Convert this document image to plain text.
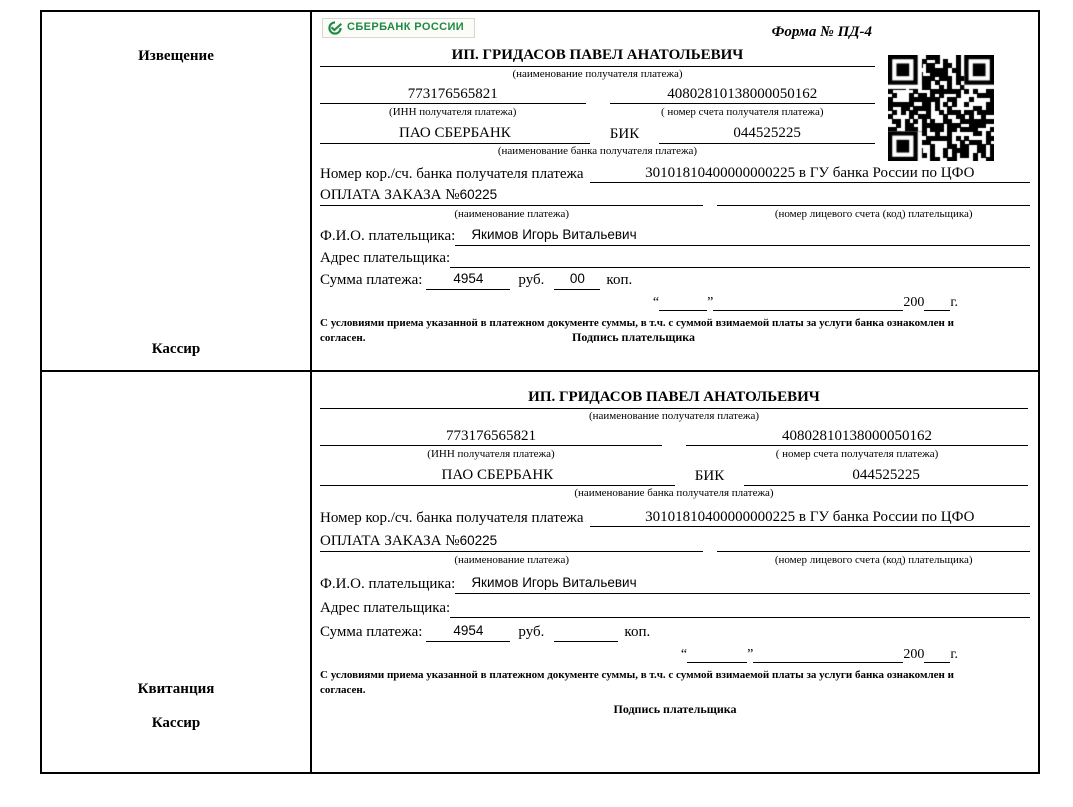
Извещение
Кассир
СБЕРБАНК РОССИИ	Форма № ПД-4
ИП. ГРИДАСОВ ПАВЕЛ АНАТОЛЬЕВИЧ
(наименование получателя платежа)
773176565821	40802810138000050162
(ИНН получателя платежа)	( номер счета получателя платежа)
ПАО СБЕРБАНК	БИК	044525225
(наименование банка получателя платежа)
Номер кор./сч. банка получателя платежа	30101810400000000225 в ГУ банка России по ЦФО
ОПЛАТА ЗАКАЗА №60225
(наименование платежа)	(номер лицевого счета (код) плательщика)
Ф.И.О. плательщика:	Якимов Игорь Витальевич
Адрес плательщика:
Сумма платежа:	4954	руб.	00	коп.
“	”	200 г.
С условиями приема указанной в платежном документе суммы, в т.ч. с суммой взимаемой платы за услуги банка ознакомлен и согласен.	Подпись плательщика
Квитанция
Кассир
ИП. ГРИДАСОВ ПАВЕЛ АНАТОЛЬЕВИЧ
(наименование получателя платежа)
773176565821	40802810138000050162
(ИНН получателя платежа)	( номер счета получателя платежа)
ПАО СБЕРБАНК	БИК	044525225
(наименование банка получателя платежа)
Номер кор./сч. банка получателя платежа	30101810400000000225 в ГУ банка России по ЦФО
ОПЛАТА ЗАКАЗА №60225
(наименование платежа)	(номер лицевого счета (код) плательщика)
Ф.И.О. плательщика:	Якимов Игорь Витальевич
Адрес плательщика:
Сумма платежа:	4954	руб.	коп.
“	”	200 г.
С условиями приема указанной в платежном документе суммы, в т.ч. с суммой взимаемой платы за услуги банка ознакомлен и согласен.
Подпись плательщика
